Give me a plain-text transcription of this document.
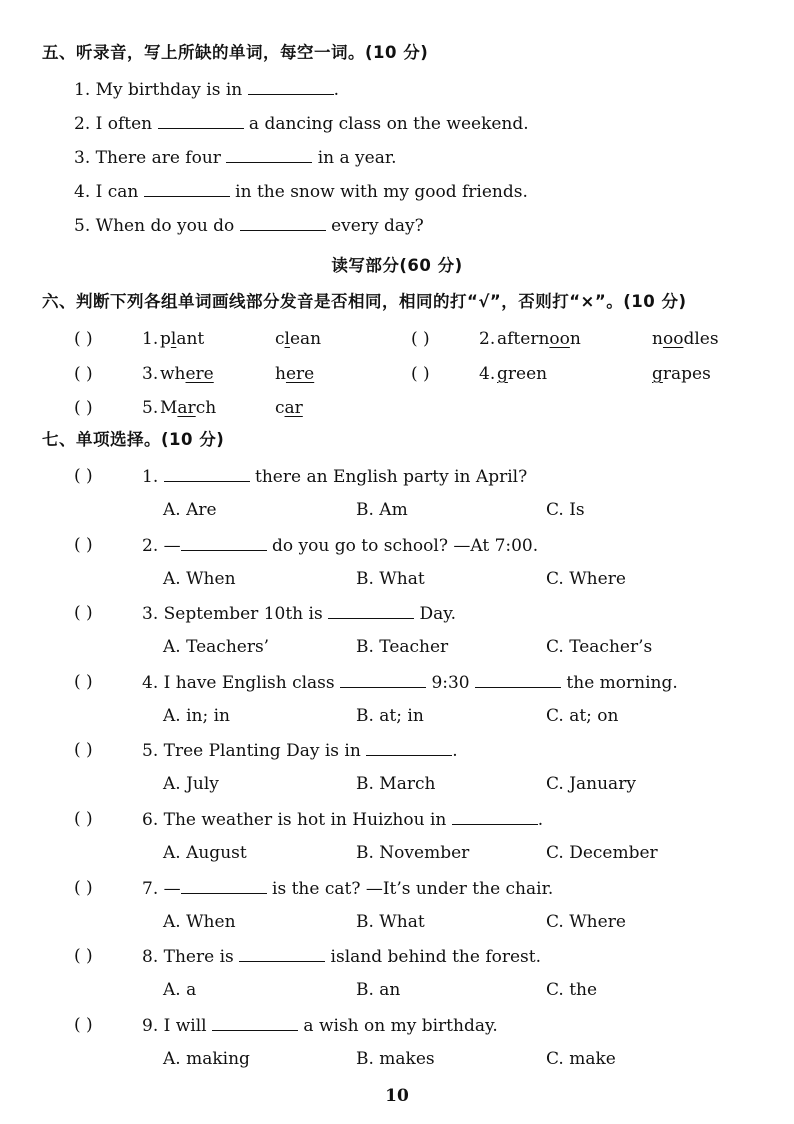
五、听录音，写上所缺的单词，每空一词。(10 分)
1. My birthday is in	.
2. I often	a dancing class on the weekend.
3. There are four	in a year.
4. I can	in the snow with my good friends.
5. When do you do	every day?
读写部分(60 分)
六、判断下列各组单词画线部分发音是否相同，相同的打“√”，否则打“×”。(10 分)
( )	1. plant	clean	( )	2. afternoon	noodles
( )	3. where	here	( )	4. green	grapes
( )	5. March	car
七、单项选择。(10 分)
( )	1.	there an English party in April?
A. Are	B. Am	C. Is
( )	2. —	do you go to school? —At 7:00.
A. When	B. What	C. Where
( )	3. September 10th is	Day.
A. Teachers’	B. Teacher	C. Teacher’s
( )	4. I have English class	9:30	the morning.
A. in; in	B. at; in	C. at; on
( )	5. Tree Planting Day is in	.
A. July	B. March	C. January
( )	6. The weather is hot in Huizhou in	.
A. August	B. November	C. December
( )	7. —	is the cat? —It’s under the chair.
A. When	B. What	C. Where
( )	8. There is	island behind the forest.
A. a	B. an	C. the
( )	9. I will	a wish on my birthday.
A. making	B. makes	C. make
10
